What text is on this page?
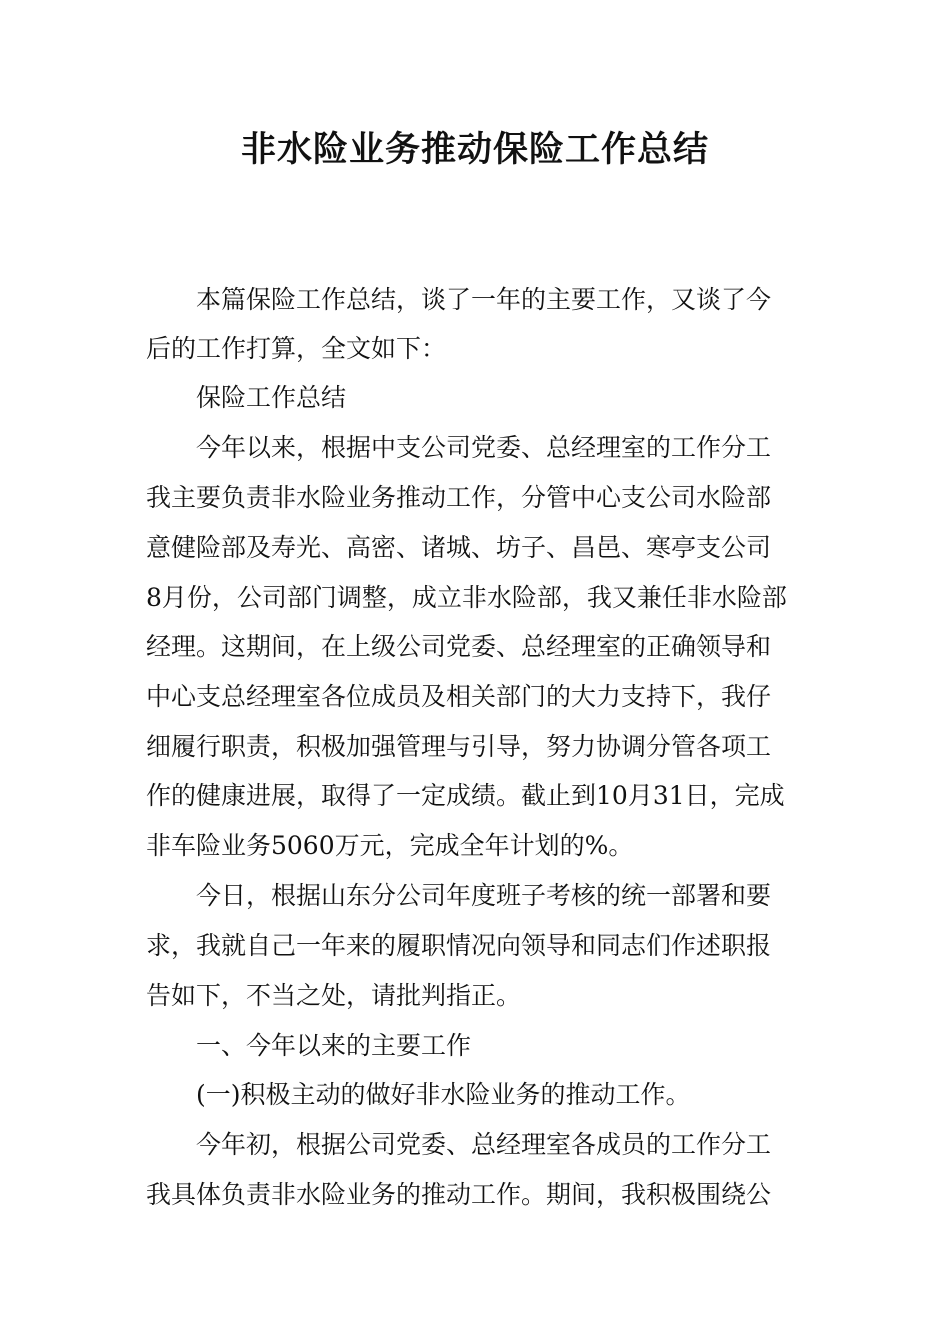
非水险业务推动保险工作总结
本篇保险工作总结，谈了一年的主要工作，又谈了今
后的工作打算，全文如下：
保险工作总结
今年以来，根据中支公司党委、总经理室的工作分工
我主要负责非水险业务推动工作，分管中心支公司水险部
意健险部及寿光、高密、诸城、坊子、昌邑、寒亭支公司
8月份，公司部门调整，成立非水险部，我又兼任非水险部
经理。这期间，在上级公司党委、总经理室的正确领导和
中心支总经理室各位成员及相关部门的大力支持下，我仔
细履行职责，积极加强管理与引导，努力协调分管各项工
作的健康进展，取得了一定成绩。截止到10月31日，完成
非车险业务5060万元，完成全年计划的%。
今日，根据山东分公司年度班子考核的统一部署和要
求，我就自己一年来的履职情况向领导和同志们作述职报
告如下，不当之处，请批判指正。
一、今年以来的主要工作
(一)积极主动的做好非水险业务的推动工作。
今年初，根据公司党委、总经理室各成员的工作分工
我具体负责非水险业务的推动工作。期间，我积极围绕公
